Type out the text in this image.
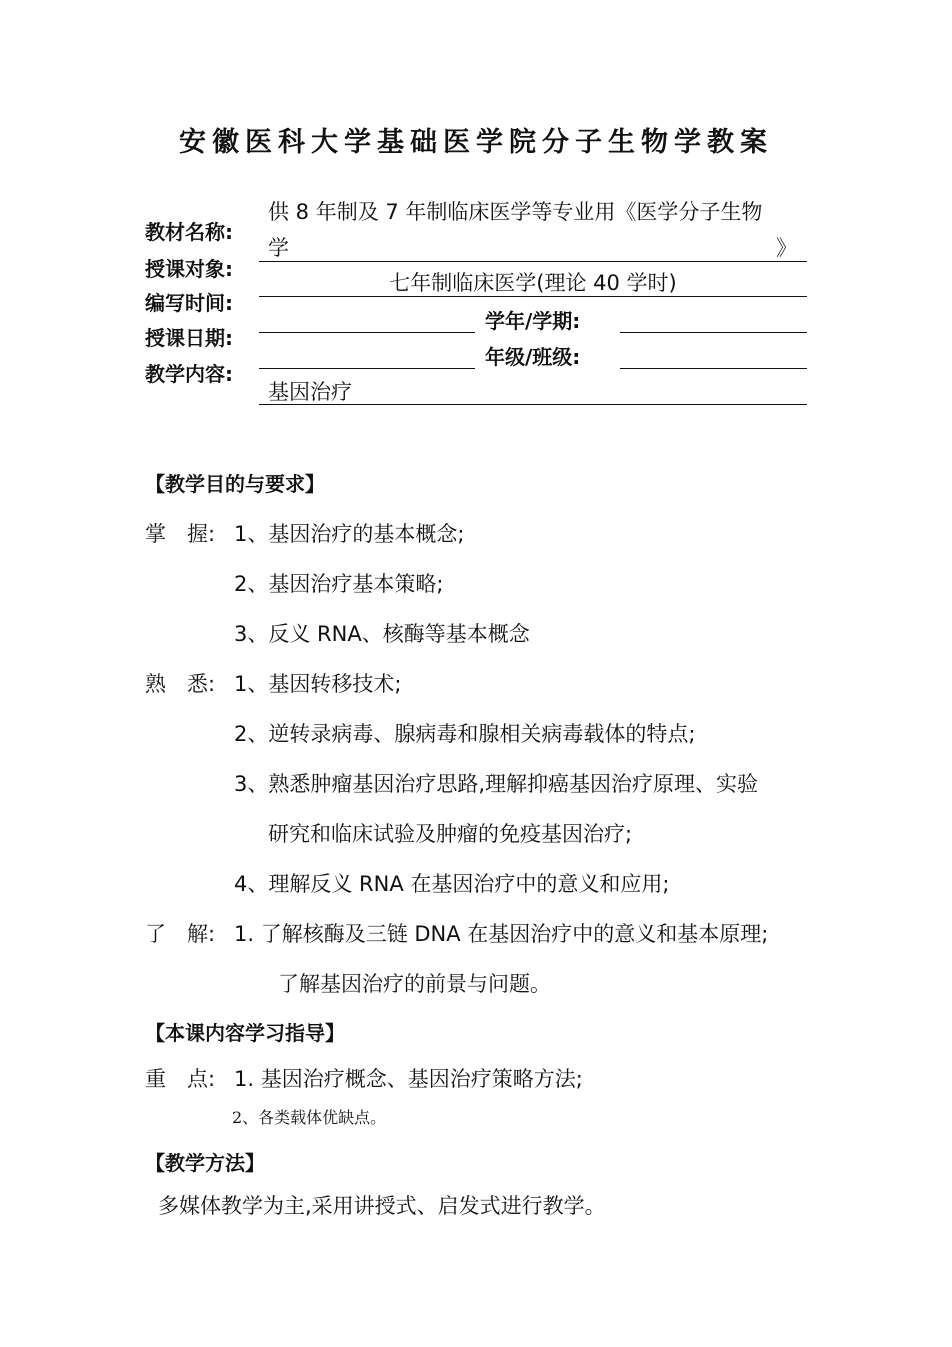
安徽医科大学基础医学院分子生物学教案
教材名称:
授课对象:
编写时间:
授课日期:
教学内容:
供 8 年制及 7 年制临床医学等专业用《医学分子生物
学	》
七年制临床医学(理论 40 学时)
学年/学期:
年级/班级:
基因治疗
【教学目的与要求】
掌　握: 1、基因治疗的基本概念;
2、基因治疗基本策略;
3、反义 RNA、核酶等基本概念
熟　悉: 1、基因转移技术;
2、逆转录病毒、腺病毒和腺相关病毒载体的特点;
3、熟悉肿瘤基因治疗思路,理解抑癌基因治疗原理、实验
研究和临床试验及肿瘤的免疫基因治疗;
4、理解反义 RNA 在基因治疗中的意义和应用;
了　解: 1. 了解核酶及三链 DNA 在基因治疗中的意义和基本原理;
了解基因治疗的前景与问题。
【本课内容学习指导】
重　点: 1. 基因治疗概念、基因治疗策略方法;
2、各类载体优缺点。
【教学方法】
多媒体教学为主,采用讲授式、启发式进行教学。
